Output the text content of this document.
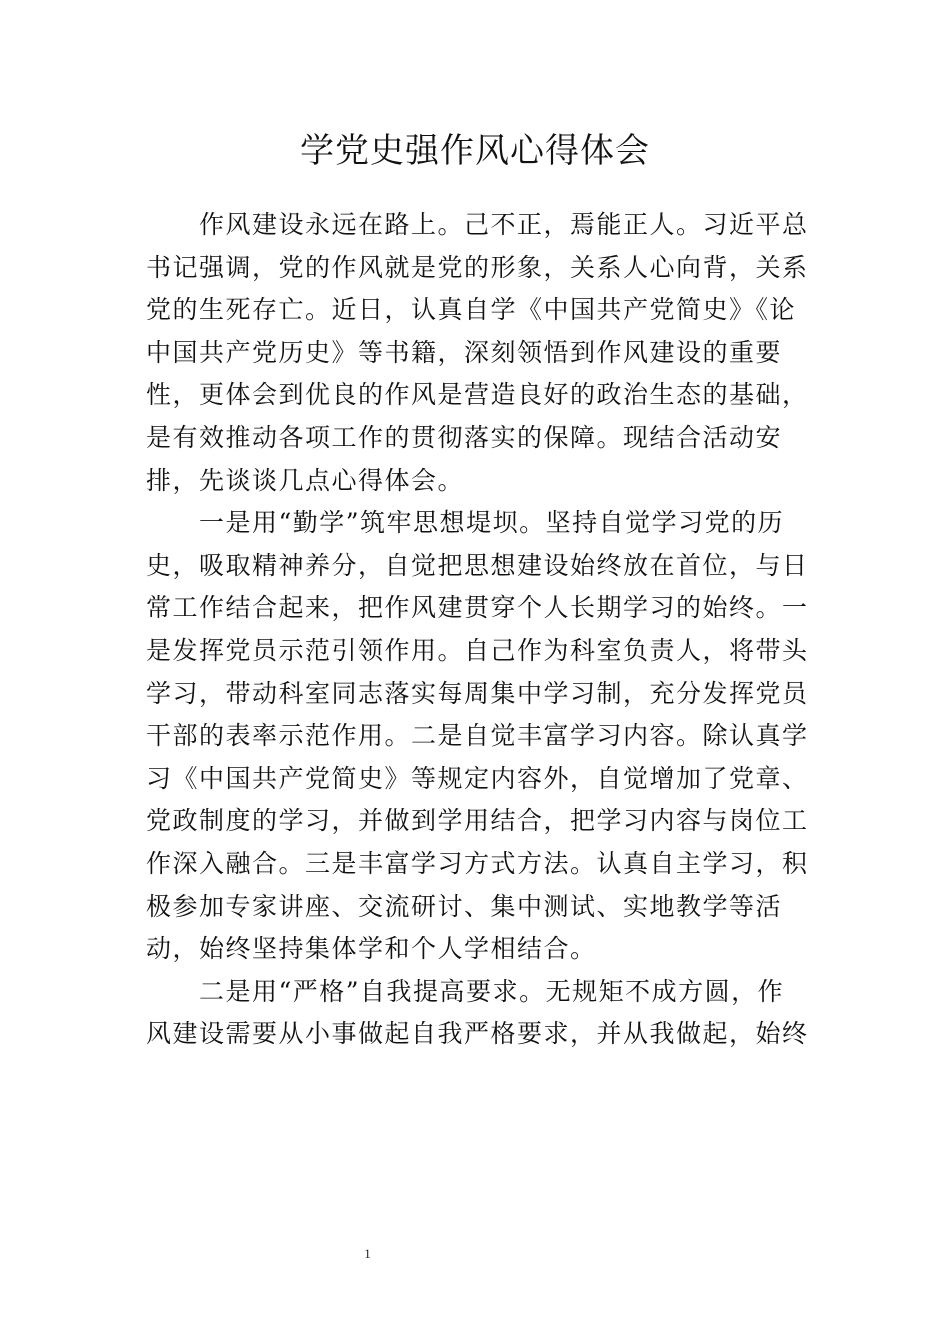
学党史强作风心得体会
　　作风建设永远在路上。己不正，焉能正人。习近平总
书记强调，党的作风就是党的形象，关系人心向背，关系
党的生死存亡。近日，认真自学《中国共产党简史》《论
中国共产党历史》等书籍，深刻领悟到作风建设的重要
性，更体会到优良的作风是营造良好的政治生态的基础，
是有效推动各项工作的贯彻落实的保障。现结合活动安
排，先谈谈几点心得体会。
　　一是用“勤学”筑牢思想堤坝。坚持自觉学习党的历
史，吸取精神养分，自觉把思想建设始终放在首位，与日
常工作结合起来，把作风建贯穿个人长期学习的始终。一
是发挥党员示范引领作用。自己作为科室负责人，将带头
学习，带动科室同志落实每周集中学习制，充分发挥党员
干部的表率示范作用。二是自觉丰富学习内容。除认真学
习《中国共产党简史》等规定内容外，自觉增加了党章、
党政制度的学习，并做到学用结合，把学习内容与岗位工
作深入融合。三是丰富学习方式方法。认真自主学习，积
极参加专家讲座、交流研讨、集中测试、实地教学等活
动，始终坚持集体学和个人学相结合。
　　二是用“严格”自我提高要求。无规矩不成方圆，作
风建设需要从小事做起自我严格要求，并从我做起，始终
1
